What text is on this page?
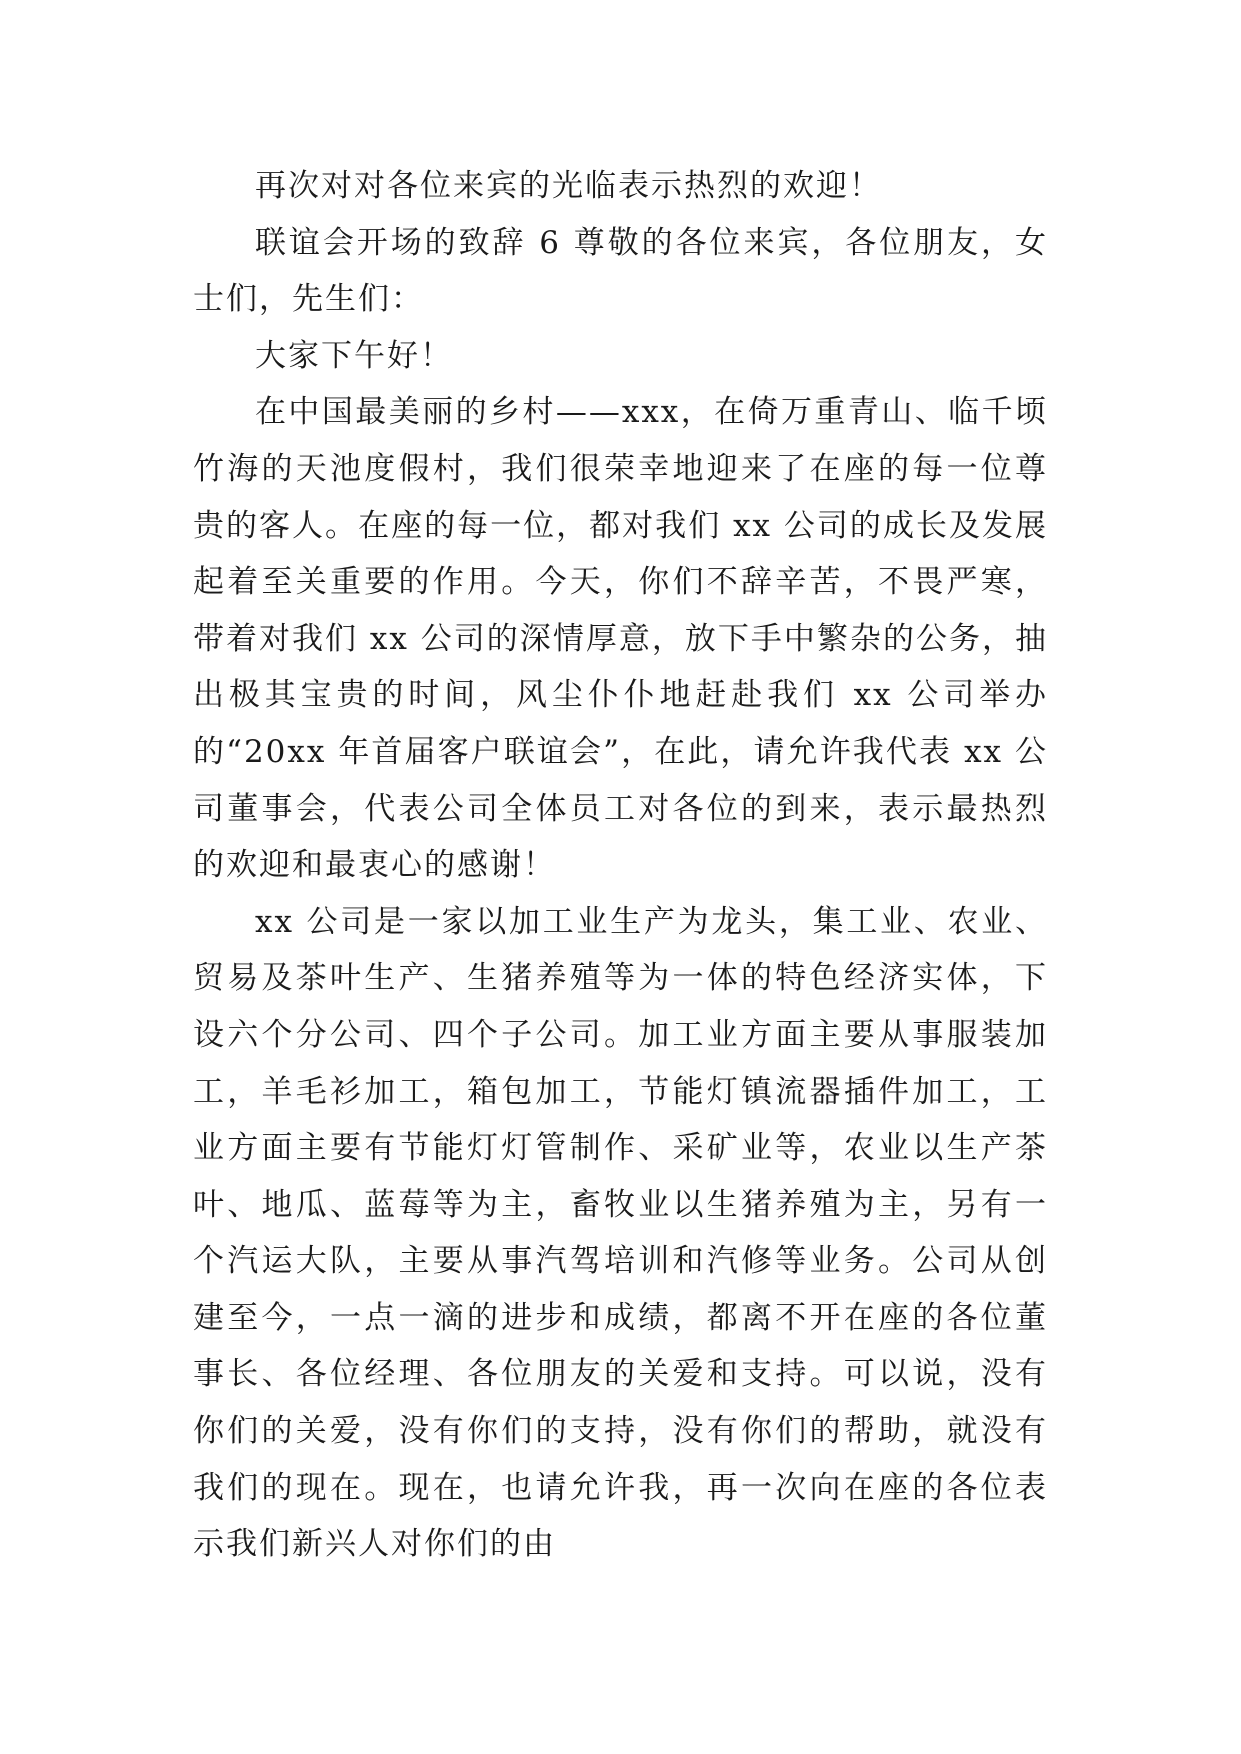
再次对对各位来宾的光临表示热烈的欢迎！

联谊会开场的致辞 6 尊敬的各位来宾，各位朋友，女士们，先生们：

大家下午好！

在中国最美丽的乡村——xxx，在倚万重青山、临千顷竹海的天池度假村，我们很荣幸地迎来了在座的每一位尊贵的客人。在座的每一位，都对我们 xx 公司的成长及发展起着至关重要的作用。今天，你们不辞辛苦，不畏严寒，带着对我们 xx 公司的深情厚意，放下手中繁杂的公务，抽出极其宝贵的时间，风尘仆仆地赶赴我们 xx 公司举办的“20xx 年首届客户联谊会”，在此，请允许我代表 xx 公司董事会，代表公司全体员工对各位的到来，表示最热烈的欢迎和最衷心的感谢！

xx 公司是一家以加工业生产为龙头，集工业、农业、贸易及茶叶生产、生猪养殖等为一体的特色经济实体，下设六个分公司、四个子公司。加工业方面主要从事服装加工，羊毛衫加工，箱包加工，节能灯镇流器插件加工，工业方面主要有节能灯灯管制作、采矿业等，农业以生产茶叶、地瓜、蓝莓等为主，畜牧业以生猪养殖为主，另有一个汽运大队，主要从事汽驾培训和汽修等业务。公司从创建至今，一点一滴的进步和成绩，都离不开在座的各位董事长、各位经理、各位朋友的关爱和支持。可以说，没有你们的关爱，没有你们的支持，没有你们的帮助，就没有我们的现在。现在，也请允许我，再一次向在座的各位表示我们新兴人对你们的由
